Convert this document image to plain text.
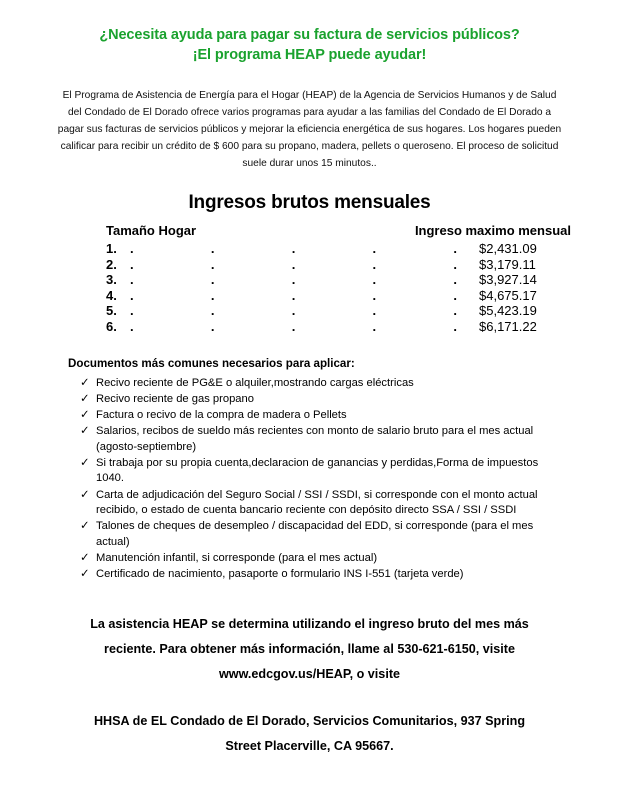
¿Necesita ayuda para pagar su factura de servicios públicos?
¡El programa HEAP puede ayudar!
El Programa de Asistencia de Energía para el Hogar (HEAP) de la Agencia de Servicios Humanos y de Salud del Condado de El Dorado ofrece varios programas para ayudar a las familias del Condado de El Dorado a pagar sus facturas de servicios públicos y mejorar la eficiencia energética de sus hogares. Los hogares pueden calificar para recibir un crédito de $ 600 para su propano, madera, pellets o queroseno. El proceso de solicitud suele durar unos 15 minutos..
Ingresos brutos mensuales
Tamaño Hogar	Ingreso maximo mensual
1.	.	.	.	.	. $2,431.09
2.	.	.	.	.	. $3,179.11
3.	.	.	.	.	. $3,927.14
4.	.	.	.	.	. $4,675.17
5.	.	.	.	.	. $5,423.19
6.	.	.	.	.	. $6,171.22
Documentos más comunes necesarios para aplicar:
✓ Recivo reciente de PG&E o alquiler,mostrando cargas eléctricas
✓ Recivo reciente de gas propano
✓ Factura o recivo de la compra de madera o Pellets
✓ Salarios, recibos de sueldo más recientes con monto de salario bruto para el mes actual (agosto-septiembre)
✓ Si trabaja por su propia cuenta,declaracion de ganancias y perdidas,Forma de impuestos 1040.
✓ Carta de adjudicación del Seguro Social / SSI / SSDI, si corresponde con el monto actual recibido, o estado de cuenta bancario reciente con depósito directo SSA / SSI / SSDI
✓ Talones de cheques de desempleo / discapacidad del EDD, si corresponde (para el mes actual)
✓ Manutención infantil, si corresponde (para el mes actual)
✓ Certificado de nacimiento, pasaporte o formulario INS I-551 (tarjeta verde)
La asistencia HEAP se determina utilizando el ingreso bruto del mes más reciente. Para obtener más información, llame al 530-621-6150, visite www.edcgov.us/HEAP, o visite
HHSA de EL Condado de El Dorado, Servicios Comunitarios, 937 Spring Street Placerville, CA 95667.
